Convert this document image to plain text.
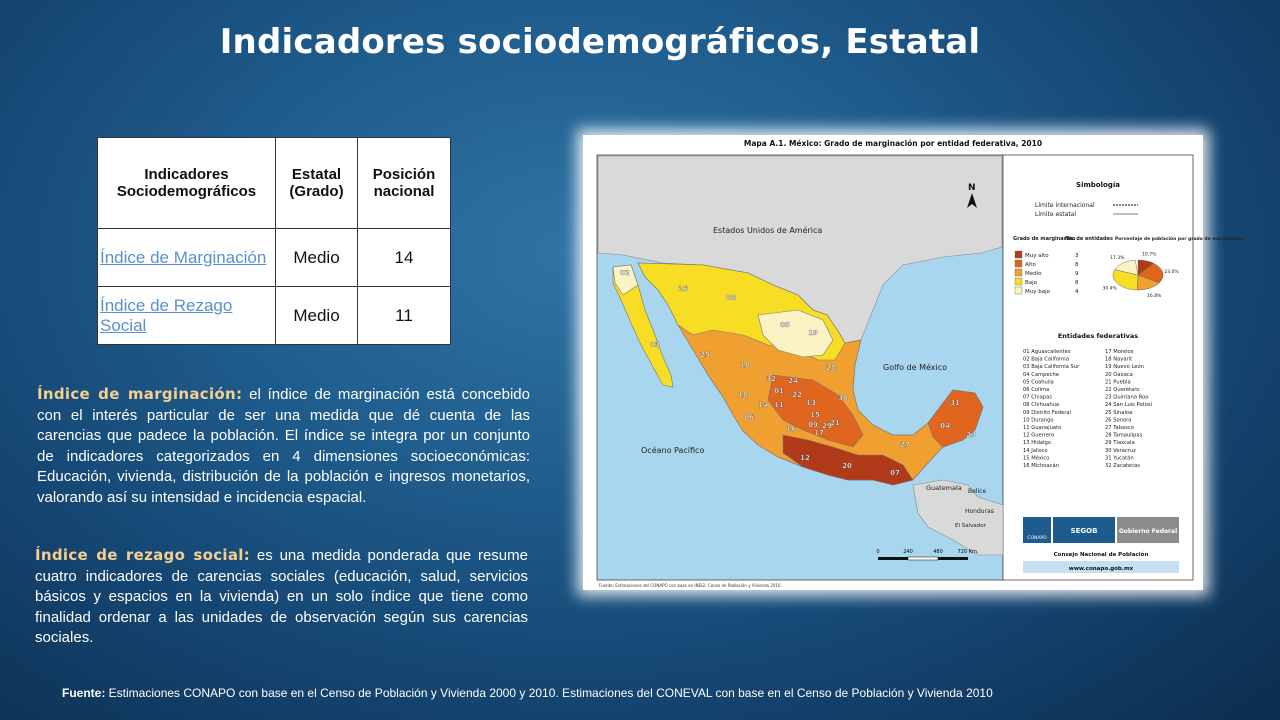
Indicadores sociodemográficos, Estatal
Indicadores Sociodemográficos	Estatal (Grado)	Posición nacional
Índice de Marginación	Medio	14
Índice de Rezago Social	Medio	11
Índice de marginación: el índice de marginación está concebido con el interés particular de ser una medida que dé cuenta de las carencias que padece la población. El índice se integra por un conjunto de indicadores categorizados en 4 dimensiones socioeconómicas: Educación, vivienda, distribución de la población e ingresos monetarios, valorando así su intensidad e incidencia espacial.
Índice de rezago social: es una medida ponderada que resume cuatro indicadores de carencias sociales (educación, salud, servicios básicos y espacios en la vivienda) en un solo índice que tiene como finalidad ordenar a las unidades de observación según sus carencias sociales.
Fuente: Estimaciones CONAPO con base en el Censo de Población y Vivienda 2000 y 2010. Estimaciones del CONEVAL con base en el Censo de Población y Vivienda 2010
Mapa A.1. México: Grado de marginación por entidad federativa, 2010
Estados Unidos de América
Guatemala Belice
Honduras
El Salvador
Golfo de México
Océano Pacífico
N
0	240	480	720 Km.
Fuente: Estimaciones del CONAPO con base en INEGI, Censo de Población y Vivienda 2010.
02
26
08
05
19
28
03
25
10
32 24
18	01
14 11
22
13
06
16
15
09 21
30
17
12
20
27
07
04
31
23
29
Simbología
Límite internacional
Límite estatal
Grado de marginación
No. de entidades Porcentaje de población por grado de marginación
Muy alto	3
Alto	8
Medio	9
Bajo	8
Muy bajo	4
10.7%
23.0%
16.8%
30.4%
17.3%
Entidades federativas
01 Aguascalientes
02 Baja California
03 Baja California Sur
04 Campeche
05 Coahuila
06 Colima
07 Chiapas
08 Chihuahua
09 Distrito Federal
10 Durango
11 Guanajuato
12 Guerrero
13 Hidalgo
14 Jalisco
15 México
16 Michoacán
17 Morelos
18 Nayarit
19 Nuevo León
20 Oaxaca
21 Puebla
22 Querétaro
23 Quintana Roo
24 San Luis Potosí
25 Sinaloa
26 Sonora
27 Tabasco
28 Tamaulipas
29 Tlaxcala
30 Veracruz
31 Yucatán
32 Zacatecas
CONAPO
SEGOB	Gobierno Federal
Consejo Nacional de Población
www.conapo.gob.mx
